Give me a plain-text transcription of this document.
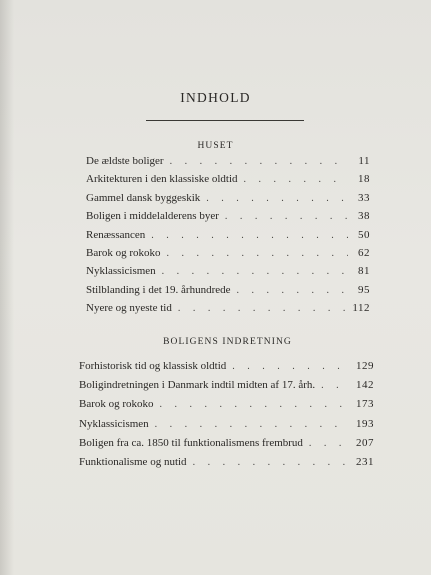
INDHOLD
HUSET
De ældste boliger . . .	11
Arkitekturen i den klassiske oldtid . . .	18
Gammel dansk byggeskik . . .	33
Boligen i middelalderens byer . . .	38
Renæssancen . . .	50
Barok og rokoko . . .	62
Nyklassicismen . . .	81
Stilblanding i det 19. århundrede . . .	95
Nyere og nyeste tid . . .	112
BOLIGENS INDRETNING
Forhistorisk tid og klassisk oldtid . . .	129
Boligindretningen i Danmark indtil midten af 17. årh. . . .	142
Barok og rokoko . . .	173
Nyklassicismen . . .	193
Boligen fra ca. 1850 til funktionalismens frembrud . . .	207
Funktionalisme og nutid . . .	231
